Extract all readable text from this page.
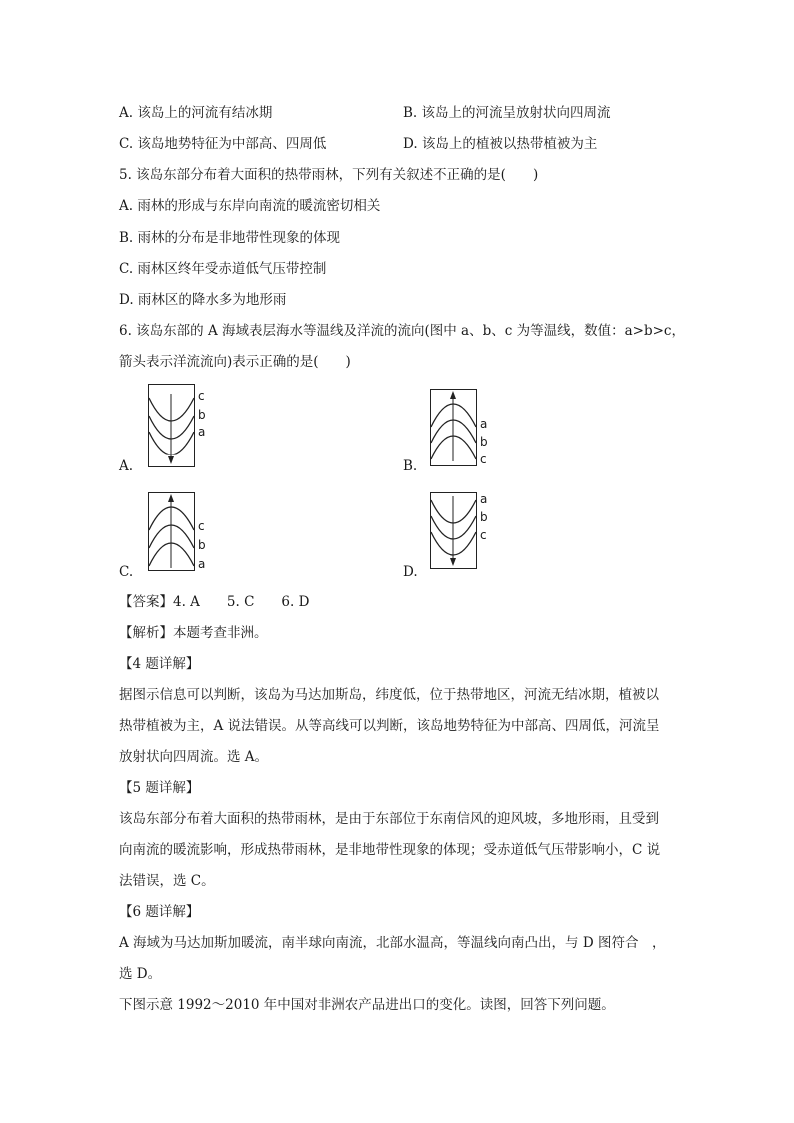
A. 该岛上的河流有结冰期	B. 该岛上的河流呈放射状向四周流
C. 该岛地势特征为中部高、四周低	D. 该岛上的植被以热带植被为主
5. 该岛东部分布着大面积的热带雨林，下列有关叙述不正确的是(　　)
A. 雨林的形成与东岸向南流的暖流密切相关
B. 雨林的分布是非地带性现象的体现
C. 雨林区终年受赤道低气压带控制
D. 雨林区的降水多为地形雨
6. 该岛东部的 A 海域表层海水等温线及洋流的流向(图中 a、b、c 为等温线，数值：a>b>c，
箭头表示洋流流向)表示正确的是(　　)
A.
c
b
a
B.
a
b
c
C.
c
b
a	D.
a
b
c
【答案】4. A　　5. C　　6. D
【解析】本题考查非洲。
【4 题详解】
据图示信息可以判断，该岛为马达加斯岛，纬度低，位于热带地区，河流无结冰期，植被以
热带植被为主，A 说法错误。从等高线可以判断，该岛地势特征为中部高、四周低，河流呈
放射状向四周流。选 A。
【5 题详解】
该岛东部分布着大面积的热带雨林，是由于东部位于东南信风的迎风坡，多地形雨，且受到
向南流的暖流影响，形成热带雨林，是非地带性现象的体现；受赤道低气压带影响小，C 说
法错误，选 C。
【6 题详解】
A 海域为马达加斯加暖流，南半球向南流，北部水温高，等温线向南凸出，与 D 图符合　，
选 D。
下图示意 1992～2010 年中国对非洲农产品进出口的变化。读图，回答下列问题。
